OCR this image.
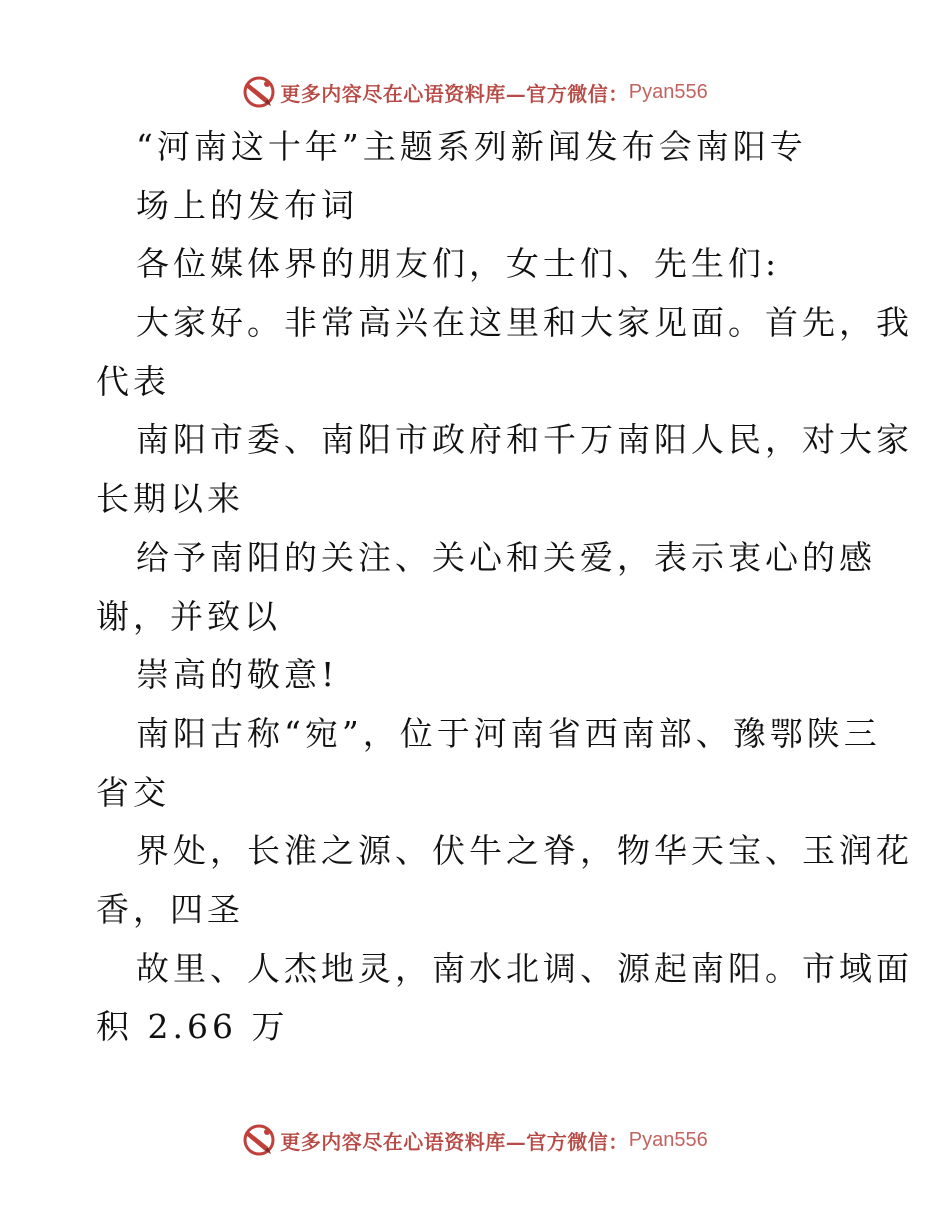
更多内容尽在心语资料库—官方微信： Pyan556
“河南这十年”主题系列新闻发布会南阳专
场上的发布词
各位媒体界的朋友们，女士们、先生们:
大家好。非常高兴在这里和大家见面。首先，我
代表
南阳市委、南阳市政府和千万南阳人民，对大家
长期以来
给予南阳的关注、关心和关爱，表示衷心的感
谢，并致以
崇高的敬意!
南阳古称“宛”，位于河南省西南部、豫鄂陕三
省交
界处，长淮之源、伏牛之脊，物华天宝、玉润花
香，四圣
故里、人杰地灵，南水北调、源起南阳。市域面
积 2.66 万
更多内容尽在心语资料库—官方微信： Pyan556
